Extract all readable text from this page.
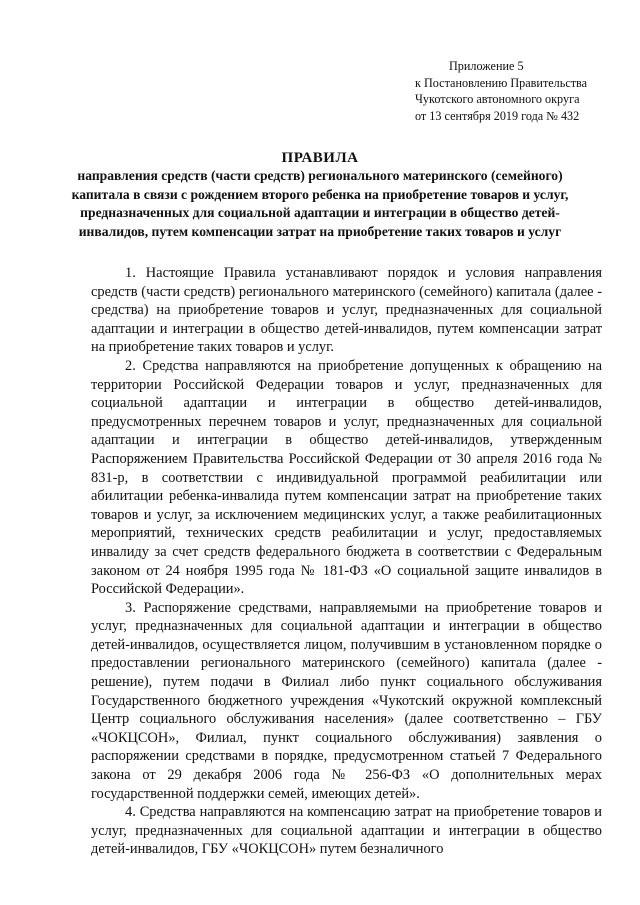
Приложение 5
к Постановлению Правительства
Чукотского автономного округа
от 13 сентября 2019 года № 432
ПРАВИЛА
направления средств (части средств) регионального материнского (семейного) капитала в связи с рождением второго ребенка на приобретение товаров и услуг, предназначенных для социальной адаптации и интеграции в общество детей-инвалидов, путем компенсации затрат на приобретение таких товаров и услуг

1. Настоящие Правила устанавливают порядок и условия направления средств (части средств) регионального материнского (семейного) капитала (далее - средства) на приобретение товаров и услуг, предназначенных для социальной адаптации и интеграции в общество детей-инвалидов, путем компенсации затрат на приобретение таких товаров и услуг.

2. Средства направляются на приобретение допущенных к обращению на территории Российской Федерации товаров и услуг, предназначенных для социальной адаптации и интеграции в общество детей-инвалидов, предусмотренных перечнем товаров и услуг, предназначенных для социальной адаптации и интеграции в общество детей-инвалидов, утвержденным Распоряжением Правительства Российской Федерации от 30 апреля 2016 года № 831-р, в соответствии с индивидуальной программой реабилитации или абилитации ребенка-инвалида путем компенсации затрат на приобретение таких товаров и услуг, за исключением медицинских услуг, а также реабилитационных мероприятий, технических средств реабилитации и услуг, предоставляемых инвалиду за счет средств федерального бюджета в соответствии с Федеральным законом от 24 ноября 1995 года № 181-ФЗ «О социальной защите инвалидов в Российской Федерации».

3. Распоряжение средствами, направляемыми на приобретение товаров и услуг, предназначенных для социальной адаптации и интеграции в общество детей-инвалидов, осуществляется лицом, получившим в установленном порядке о предоставлении регионального материнского (семейного) капитала (далее - решение), путем подачи в Филиал либо пункт социального обслуживания Государственного бюджетного учреждения «Чукотский окружной комплексный Центр социального обслуживания населения» (далее соответственно – ГБУ «ЧОКЦСОН», Филиал, пункт социального обслуживания) заявления о распоряжении средствами в порядке, предусмотренном статьей 7 Федерального закона от 29 декабря 2006 года № 256-ФЗ «О дополнительных мерах государственной поддержки семей, имеющих детей».

4. Средства направляются на компенсацию затрат на приобретение товаров и услуг, предназначенных для социальной адаптации и интеграции в общество детей-инвалидов, ГБУ «ЧОКЦСОН» путем безналичного
